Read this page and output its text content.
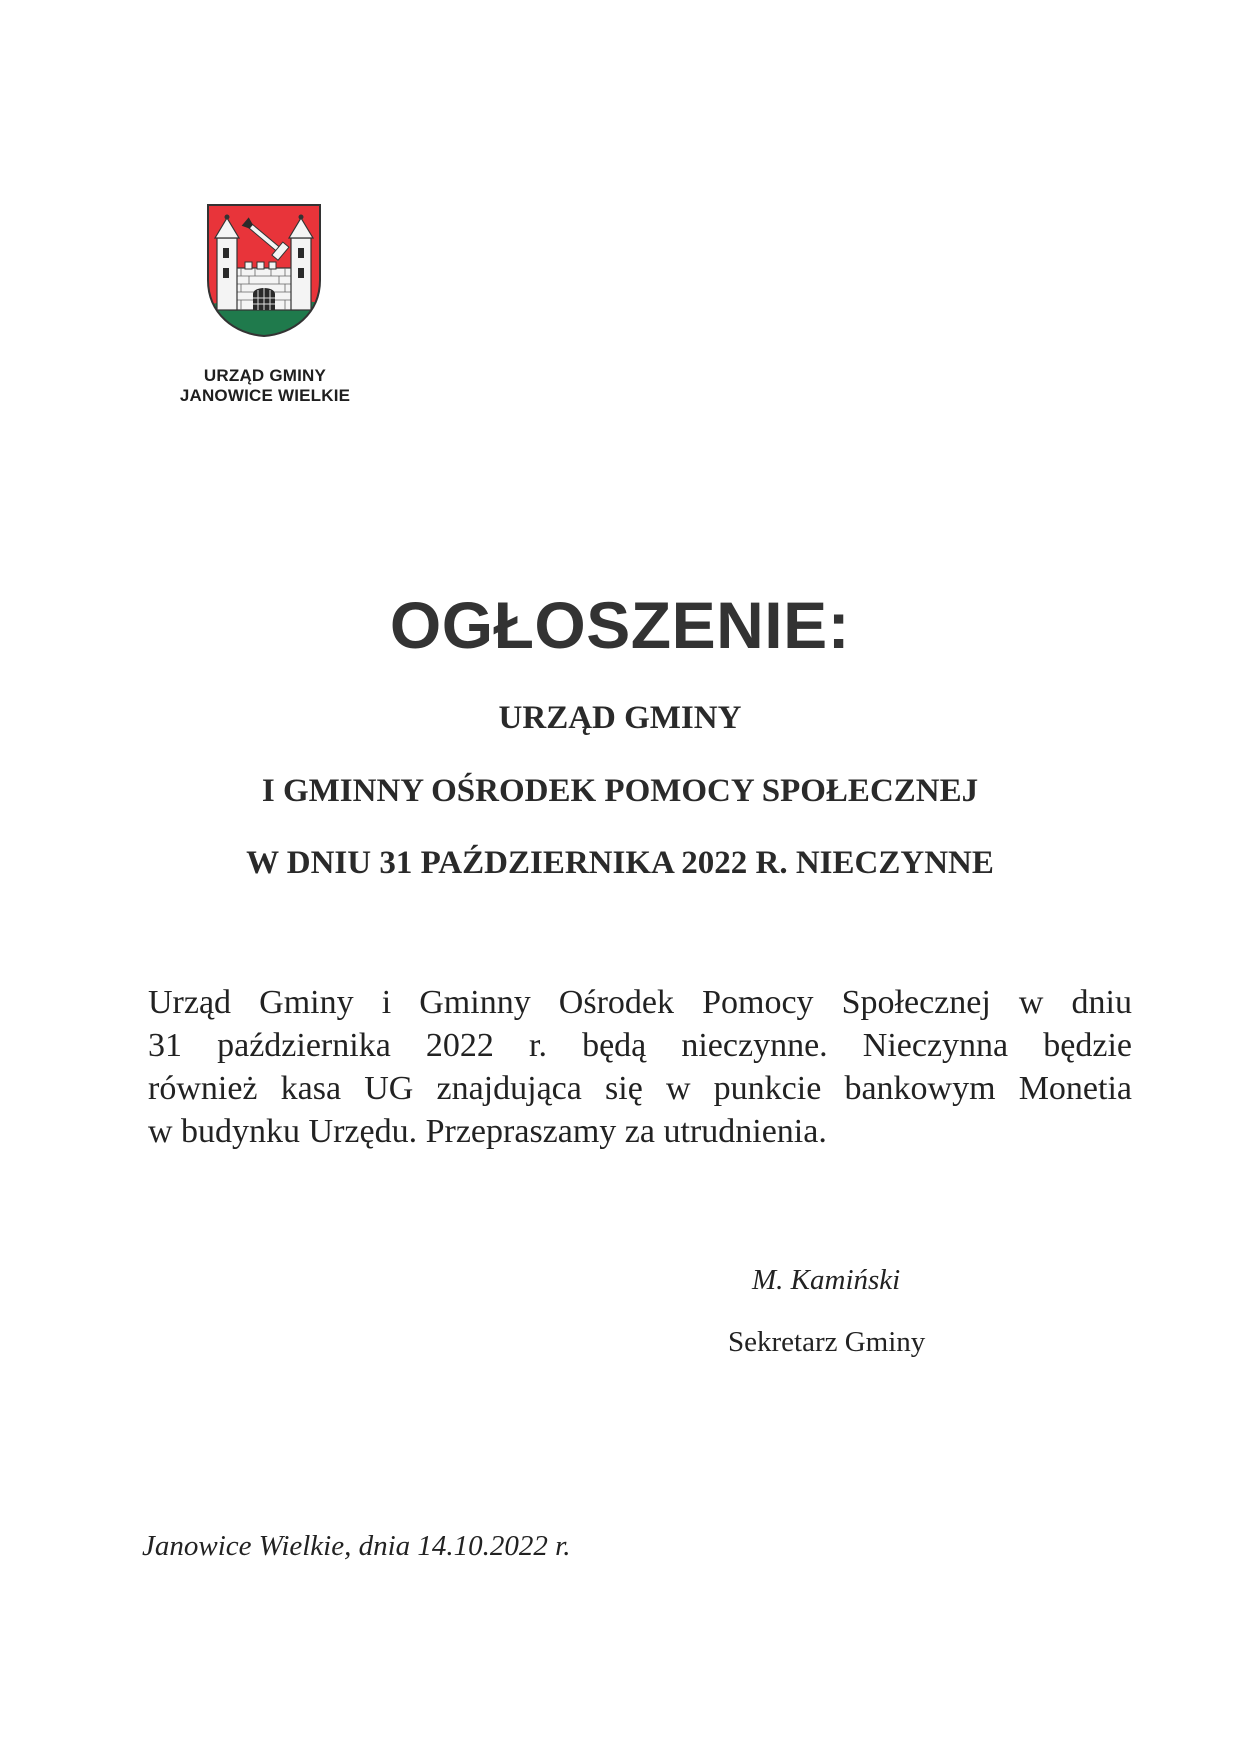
URZĄD GMINY
JANOWICE WIELKIE
OGŁOSZENIE:
URZĄD GMINY
I GMINNY OŚRODEK POMOCY SPOŁECZNEJ
W DNIU 31 PAŹDZIERNIKA 2022 R. NIECZYNNE
Urząd Gminy i Gminny Ośrodek Pomocy Społecznej w dniu
31 października 2022 r. będą nieczynne. Nieczynna będzie
również kasa UG znajdująca się w punkcie bankowym Monetia
w budynku Urzędu. Przepraszamy za utrudnienia.
M. Kamiński
Sekretarz Gminy
Janowice Wielkie, dnia 14.10.2022 r.
